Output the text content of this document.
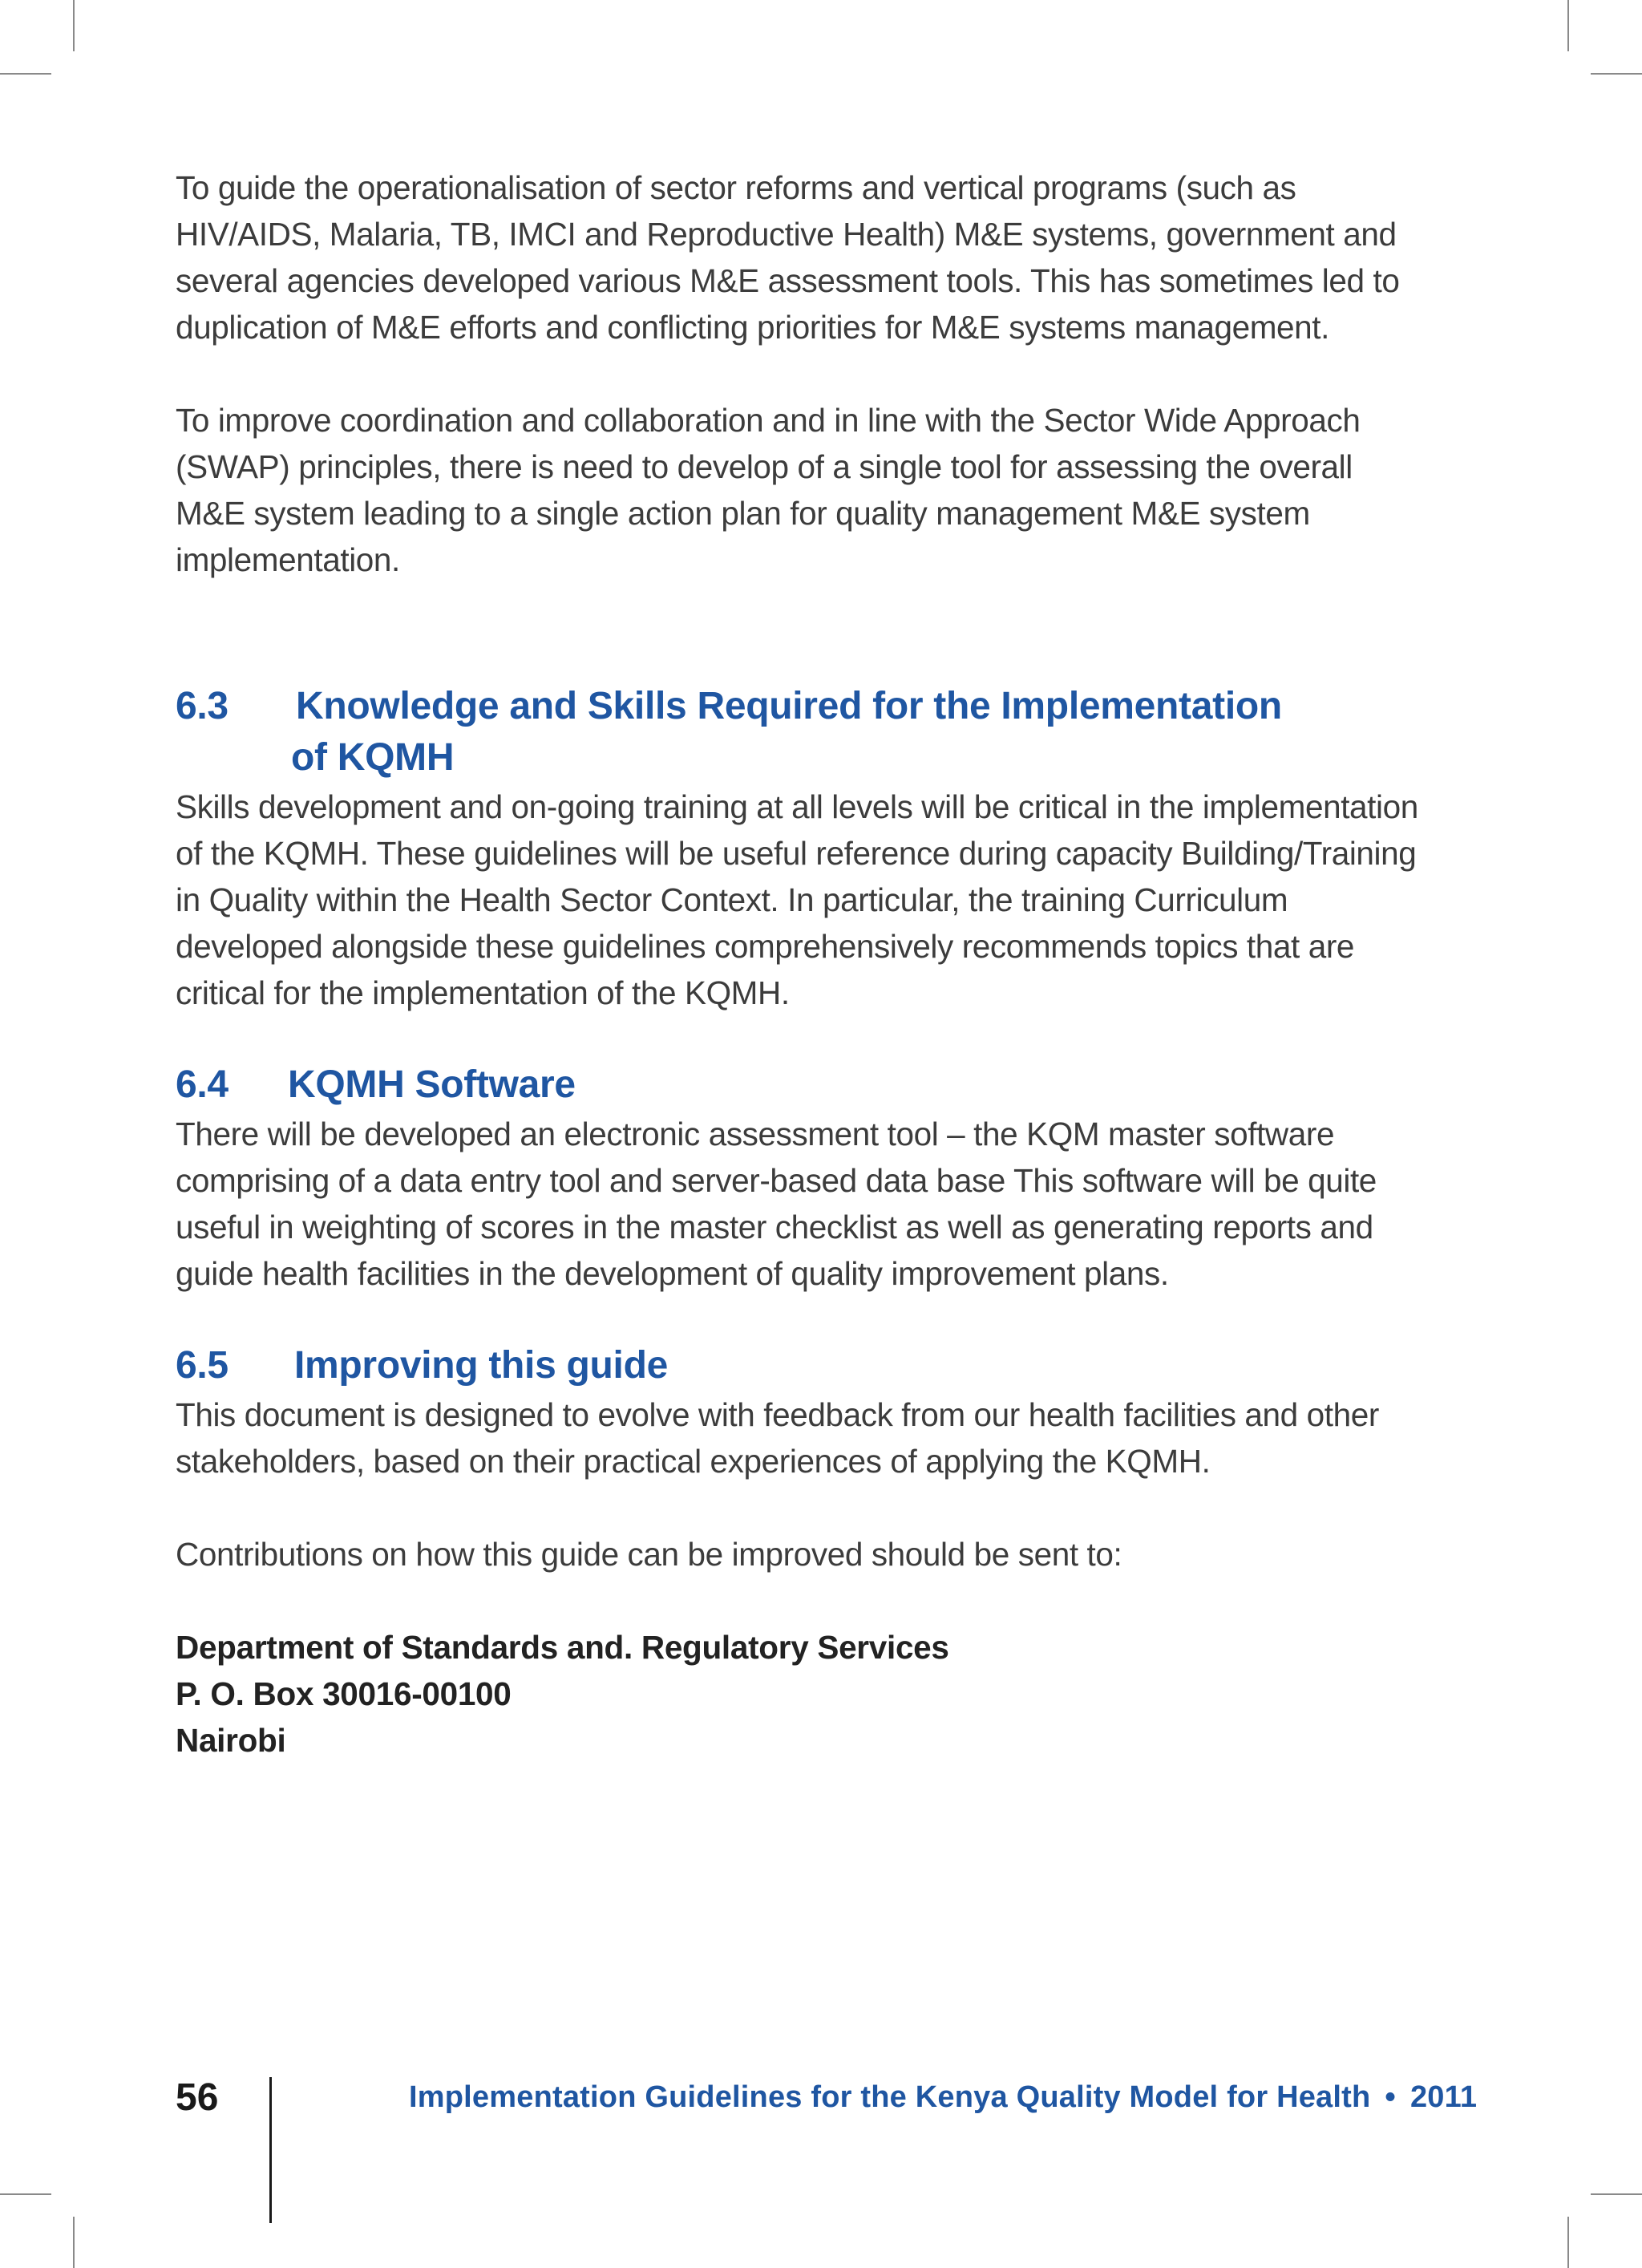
To guide the operationalisation of sector reforms and vertical programs (such as HIV/AIDS, Malaria, TB, IMCI and Reproductive Health) M&E systems, government and several agencies developed various M&E assessment tools. This has sometimes led to duplication of M&E efforts and conflicting priorities for M&E systems management.

To improve coordination and collaboration and in line with the Sector Wide Approach (SWAP) principles, there is need to develop of a single tool for assessing the overall M&E system leading to a single action plan for quality management M&E system implementation.

6.3	Knowledge and Skills Required for the Implementation
of KQMH

Skills development and on-going training at all levels will be critical in the implementation of the KQMH. These guidelines will be useful reference during capacity Building/Training in Quality within the Health Sector Context. In particular, the training Curriculum developed alongside these guidelines comprehensively recommends topics that are critical for the implementation of the KQMH.

6.4	KQMH Software

There will be developed an electronic assessment tool – the KQM master software comprising of a data entry tool and server-based data base This software will be quite useful in weighting of scores in the master checklist as well as generating reports and guide health facilities in the development of quality improvement plans.

6.5	Improving this guide

This document is designed to evolve with feedback from our health facilities and other stakeholders, based on their practical experiences of applying the KQMH.

Contributions on how this guide can be improved should be sent to:

Department of Standards and. Regulatory Services

P. O. Box 30016-00100

Nairobi

56	Implementation Guidelines for the Kenya Quality Model for Health • 2011
